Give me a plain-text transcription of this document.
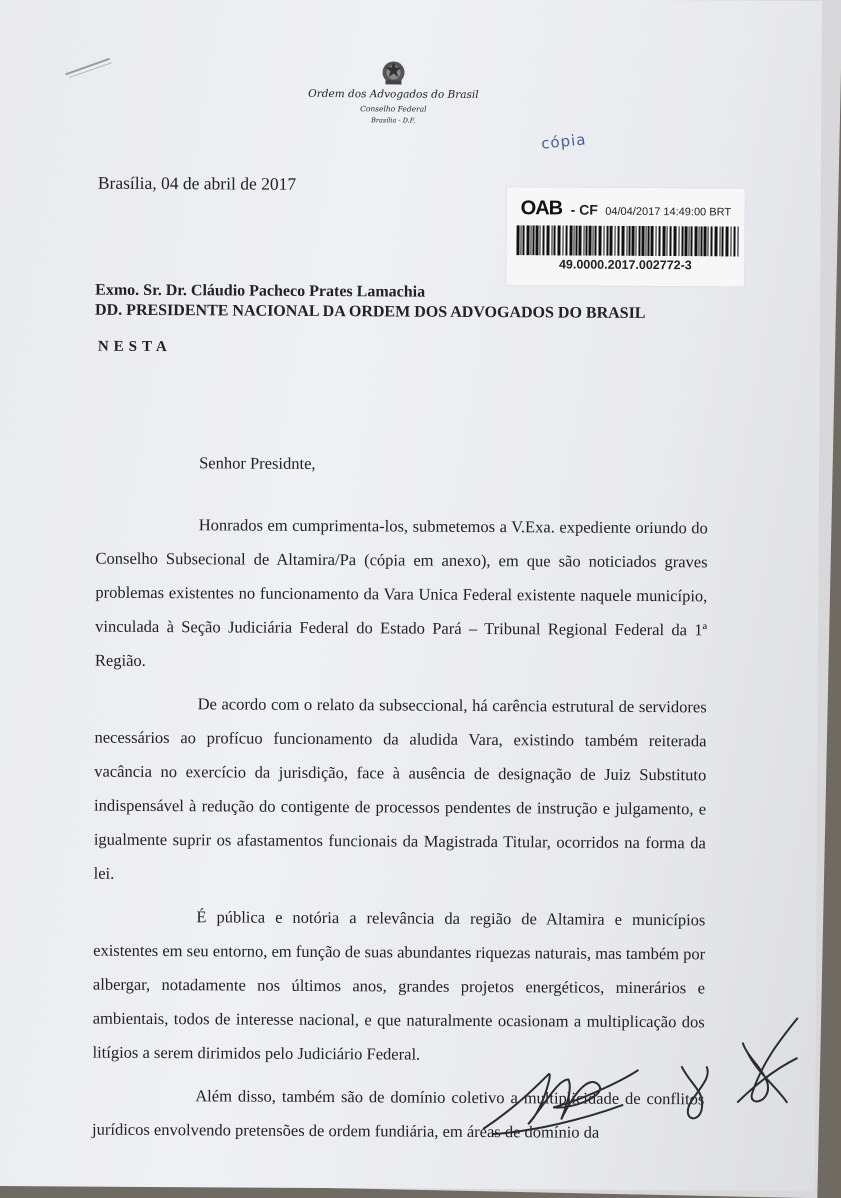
Ordem dos Advogados do Brasil
Conselho Federal
Brasília - D.F.
cópia
Brasília, 04 de abril de 2017
OAB - CF 04/04/2017 14:49:00 BRT
49.0000.2017.002772-3
Exmo. Sr. Dr. Cláudio Pacheco Prates Lamachia
DD. PRESIDENTE NACIONAL DA ORDEM DOS ADVOGADOS DO BRASIL
NESTA
Senhor Presidnte,

Honrados em cumprimenta-los, submetemos a V.Exa. expediente oriundo do Conselho Subsecional de Altamira/Pa (cópia em anexo), em que são noticiados graves problemas existentes no funcionamento da Vara Unica Federal existente naquele município, vinculada à Seção Judiciária Federal do Estado Pará – Tribunal Regional Federal da 1ª Região.

De acordo com o relato da subseccional, há carência estrutural de servidores necessários ao profícuo funcionamento da aludida Vara, existindo também reiterada vacância no exercício da jurisdição, face à ausência de designação de Juiz Substituto indispensável à redução do contigente de processos pendentes de instrução e julgamento, e igualmente suprir os afastamentos funcionais da Magistrada Titular, ocorridos na forma da lei.

É pública e notória a relevância da região de Altamira e municípios existentes em seu entorno, em função de suas abundantes riquezas naturais, mas também por albergar, notadamente nos últimos anos, grandes projetos energéticos, minerários e ambientais, todos de interesse nacional, e que naturalmente ocasionam a multiplicação dos litígios a serem dirimidos pelo Judiciário Federal.

Além disso, também são de domínio coletivo a multiplicidade de conflitos jurídicos envolvendo pretensões de ordem fundiária, em áreas de domínio da
